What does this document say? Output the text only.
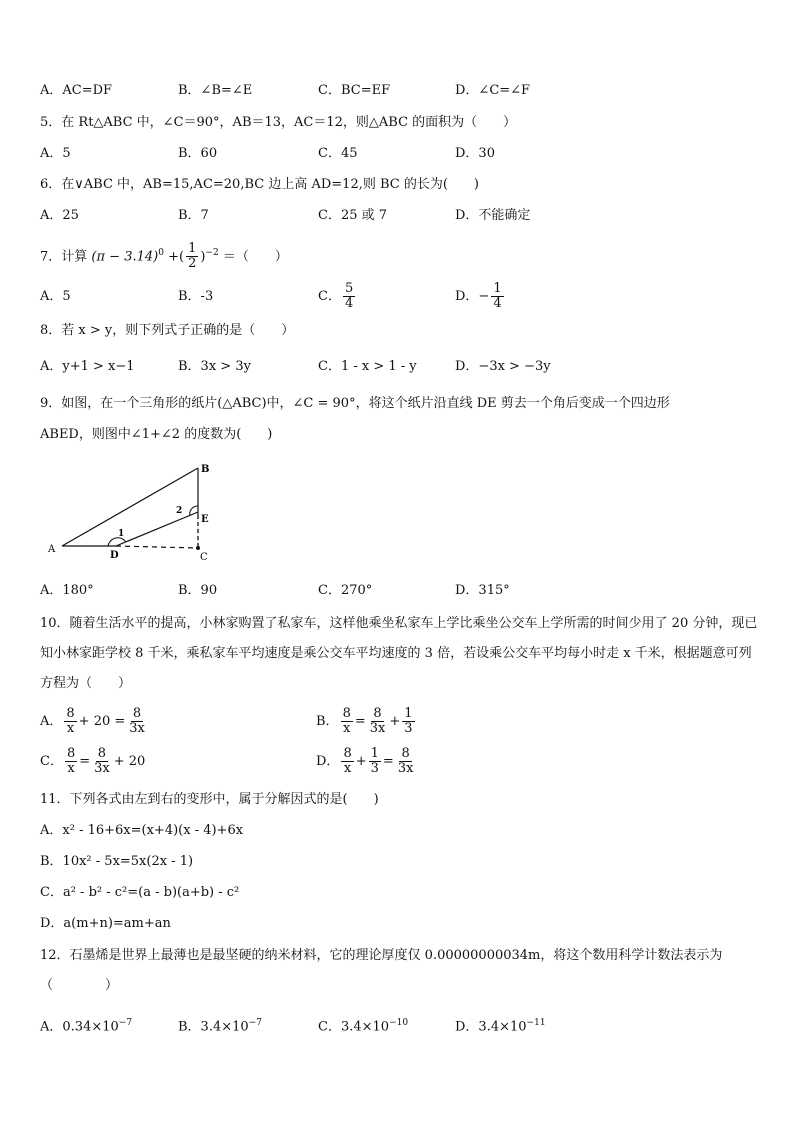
A．AC=DF	B．∠B=∠E	C．BC=EF	D．∠C=∠F
5．在 Rt△ABC 中，∠C＝90°，AB＝13，AC＝12，则△ABC 的面积为（　　）
A．5	B．60	C．45	D．30
6．在∨ABC 中，AB=15,AC=20,BC 边上高 AD=12,则 BC 的长为(　　)
A．25	B．7	C．25 或 7	D．不能确定
7．计算 $(\pi - 3.14)^0$ +( $\frac{1}{2} )^{-2}$ ＝（　　）
A．5	B．-3	C． $\frac{5}{4}$	D．− $\frac{1}{4}$
8．若 x > y，则下列式子正确的是（　　）
A．y+1 > x−1	B．3x > 3y	C．1 - x > 1 - y	D．−3x > −3y
9．如图，在一个三角形的纸片(△ABC)中，∠C = 90°，将这个纸片沿直线 DE 剪去一个角后变成一个四边形
ABED，则图中∠1+∠2 的度数为(　　)
A
B
C
D
E
1
2
A．180°	B．90	C．270°	D．315°
10．随着生活水平的提高，小林家购置了私家车，这样他乘坐私家车上学比乘坐公交车上学所需的时间少用了 20 分钟，现已知小林家距学校 8 千米，乘私家车平均速度是乘公交车平均速度的 3 倍，若设乘公交车平均每小时走 x 千米，根据题意可列方程为（　　）
A． $\frac{8}{x} + 20 = \frac{8}{3x}$	B． $\frac{8}{x} = \frac{8}{3x} + \frac{1}{3}$
C． $\frac{8}{x} = \frac{8}{3x} + 20$	D． $\frac{8}{x} + \frac{1}{3} = \frac{8}{3x}$
11．下列各式由左到右的变形中，属于分解因式的是(　　)
A．x² - 16+6x=(x+4)(x - 4)+6x
B．10x² - 5x=5x(2x - 1)
C．a² - b² - c²=(a - b)(a+b) - c²
D．a(m+n)=am+an
12．石墨烯是世界上最薄也是最坚硬的纳米材料，它的理论厚度仅 0.00000000034m，将这个数用科学计数法表示为
（　　　　）
A．$0.34\times 10^{-7}$	B．$3.4\times 10^{-7}$	C．$3.4\times 10^{-10}$	D．$3.4\times 10^{-11}$
